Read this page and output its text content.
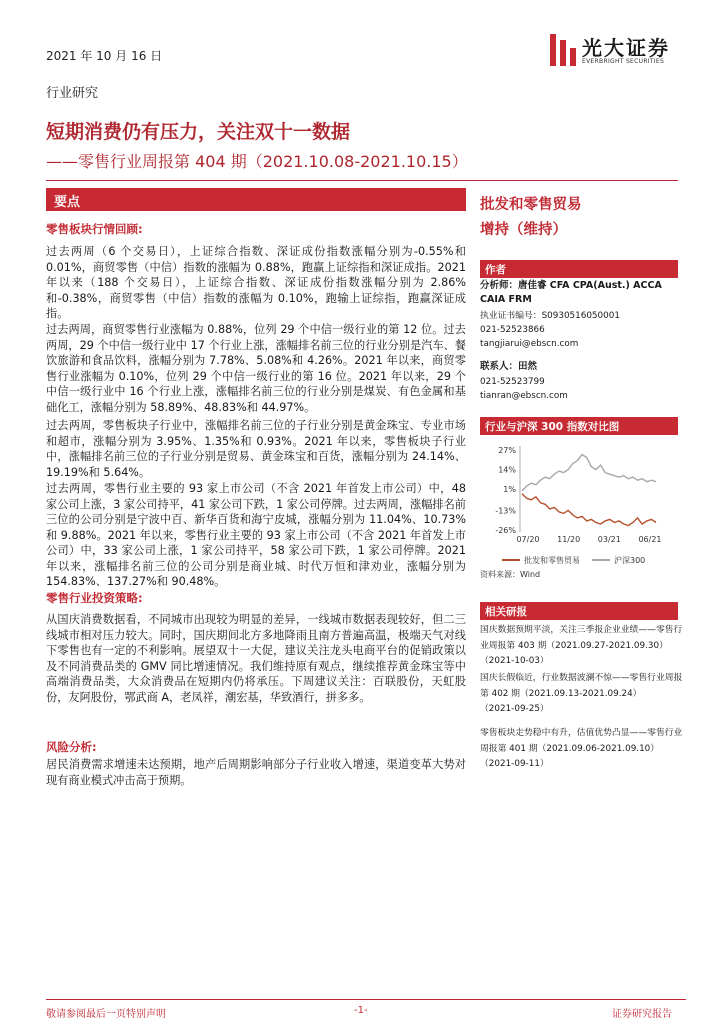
2021 年 10 月 16 日	光大证券
EVERBRIGHT SECURITIES
行业研究
短期消费仍有压力，关注双十一数据
——零售行业周报第 404 期（2021.10.08-2021.10.15）
要点
零售板块行情回顾:
过去两周（6 个交易日），上证综合指数、深证成份指数涨幅分别为-0.55%和 0.01%，商贸零售（中信）指数的涨幅为 0.88%，跑赢上证综指和深证成指。2021 年以来（188 个交易日），上证综合指数、深证成份指数涨幅分别为 2.86%和-0.38%，商贸零售（中信）指数的涨幅为 0.10%，跑输上证综指，跑赢深证成指。
过去两周，商贸零售行业涨幅为 0.88%，位列 29 个中信一级行业的第 12 位。过去两周，29 个中信一级行业中 17 个行业上涨，涨幅排名前三位的行业分别是汽车、餐饮旅游和食品饮料，涨幅分别为 7.78%、5.08%和 4.26%。2021 年以来，商贸零售行业涨幅为 0.10%，位列 29 个中信一级行业的第 16 位。2021 年以来，29 个中信一级行业中 16 个行业上涨，涨幅排名前三位的行业分别是煤炭、有色金属和基础化工，涨幅分别为 58.89%、48.83%和 44.97%。
过去两周，零售板块子行业中，涨幅排名前三位的子行业分别是黄金珠宝、专业市场和超市，涨幅分别为 3.95%、1.35%和 0.93%。2021 年以来，零售板块子行业中，涨幅排名前三位的子行业分别是贸易、黄金珠宝和百货，涨幅分别为 24.14%、19.19%和 5.64%。
过去两周，零售行业主要的 93 家上市公司（不含 2021 年首发上市公司）中，48 家公司上涨，3 家公司持平，41 家公司下跌，1 家公司停牌。过去两周，涨幅排名前三位的公司分别是宁波中百、新华百货和海宁皮城，涨幅分别为 11.04%、10.73%和 9.88%。2021 年以来，零售行业主要的 93 家上市公司（不含 2021 年首发上市公司）中，33 家公司上涨，1 家公司持平，58 家公司下跌，1 家公司停牌。2021 年以来，涨幅排名前三位的公司分别是商业城、时代万恒和津劝业，涨幅分别为 154.83%、137.27%和 90.48%。
零售行业投资策略:
从国庆消费数据看，不同城市出现较为明显的差异，一线城市数据表现较好，但二三线城市相对压力较大。同时，国庆期间北方多地降雨且南方普遍高温，极端天气对线下零售也有一定的不利影响。展望双十一大促，建议关注龙头电商平台的促销政策以及不同消费品类的 GMV 同比增速情况。我们维持原有观点，继续推荐黄金珠宝等中高端消费品类，大众消费品在短期内仍将承压。下周建议关注：百联股份，天虹股份，友阿股份，鄂武商 A，老凤祥，潮宏基，华致酒行，拼多多。
风险分析:
居民消费需求增速未达预期，地产后周期影响部分子行业收入增速，渠道变革大势对现有商业模式冲击高于预期。
批发和零售贸易
增持（维持）
作者
分析师：唐佳睿 CFA CPA(Aust.) ACCA
CAIA FRM
执业证书编号：S0930516050001
021-52523866
tangjiarui@ebscn.com
联系人：田然
021-52523799
tianran@ebscn.com
行业与沪深 300 指数对比图
27%
14%
1%
-13%
-26%
07/20 11/20 03/21 06/21
批发和零售贸易	沪深300
资料来源：Wind
相关研报
国庆数据预期平淡，关注三季报企业业绩——零售行业周报第 403 期（2021.09.27-2021.09.30）
（2021-10-03）
国庆长假临近，行业数据波澜不惊——零售行业周报第 402 期（2021.09.13-2021.09.24）
（2021-09-25）
零售板块走势稳中有升，估值优势凸显——零售行业周报第 401 期（2021.09.06-2021.09.10）
（2021-09-11）
敬请参阅最后一页特别声明	-1-	证券研究报告
